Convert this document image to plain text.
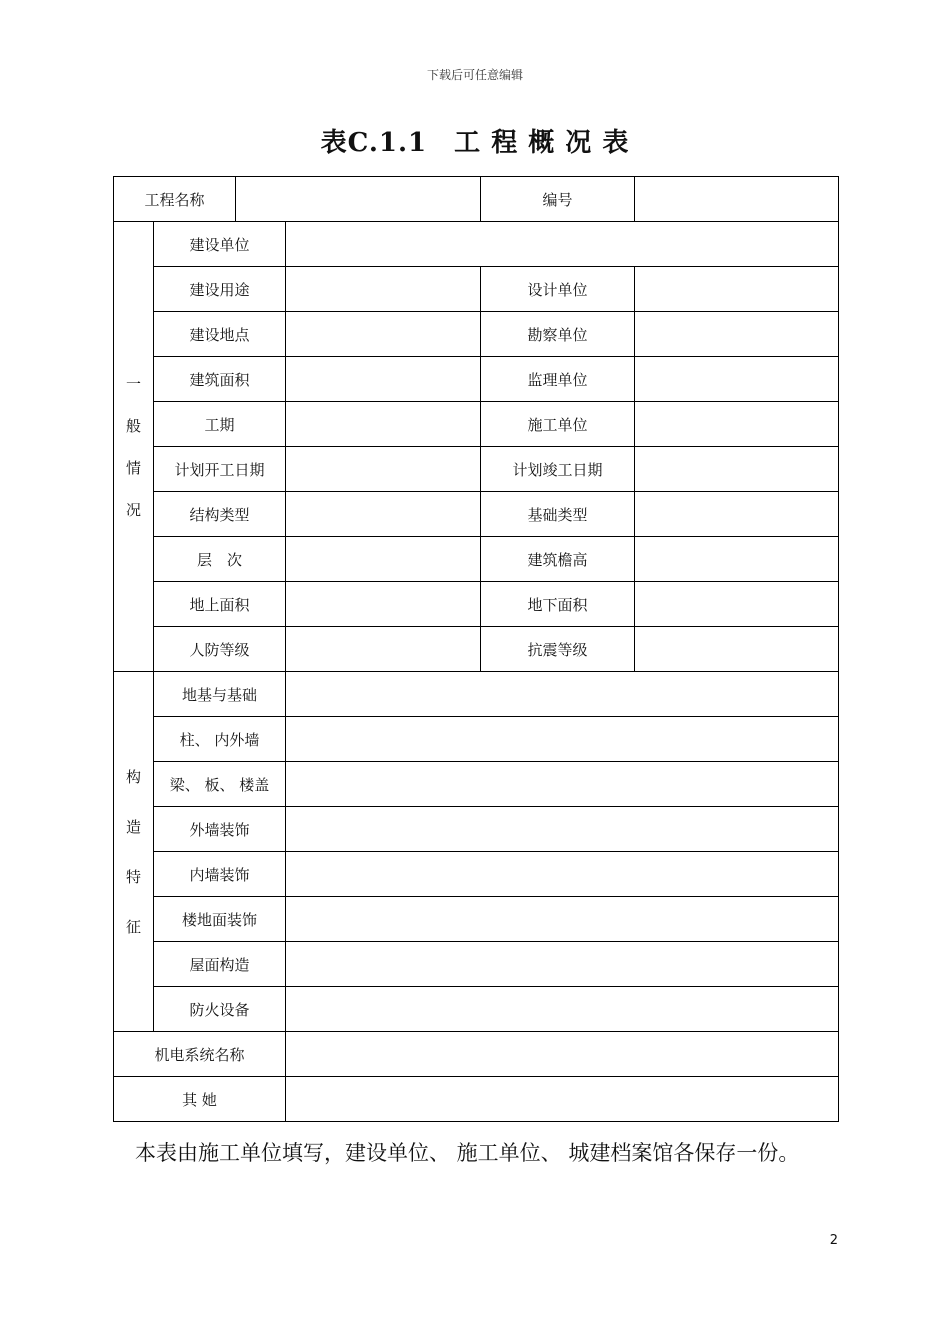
下载后可任意编辑
表C.1.1　工 程 概 况 表
工程名称				编号	

一
般
情
况	建设单位				
	建设用途			设计单位	
	建设地点			勘察单位	
	建筑面积			监理单位	
	工期			施工单位	
	计划开工日期			计划竣工日期	
	结构类型			基础类型	
	层　次			建筑檐高	
	地上面积			地下面积	
	人防等级			抗震等级	

构
造
特
征	地基与基础				
	柱、 内外墙				
	梁、 板、 楼盖				
	外墙装饰				
	内墙装饰				
	楼地面装饰				
	屋面构造				
	防火设备				
机电系统名称					
其 她					
本表由施工单位填写，建设单位、 施工单位、 城建档案馆各保存一份。
2
